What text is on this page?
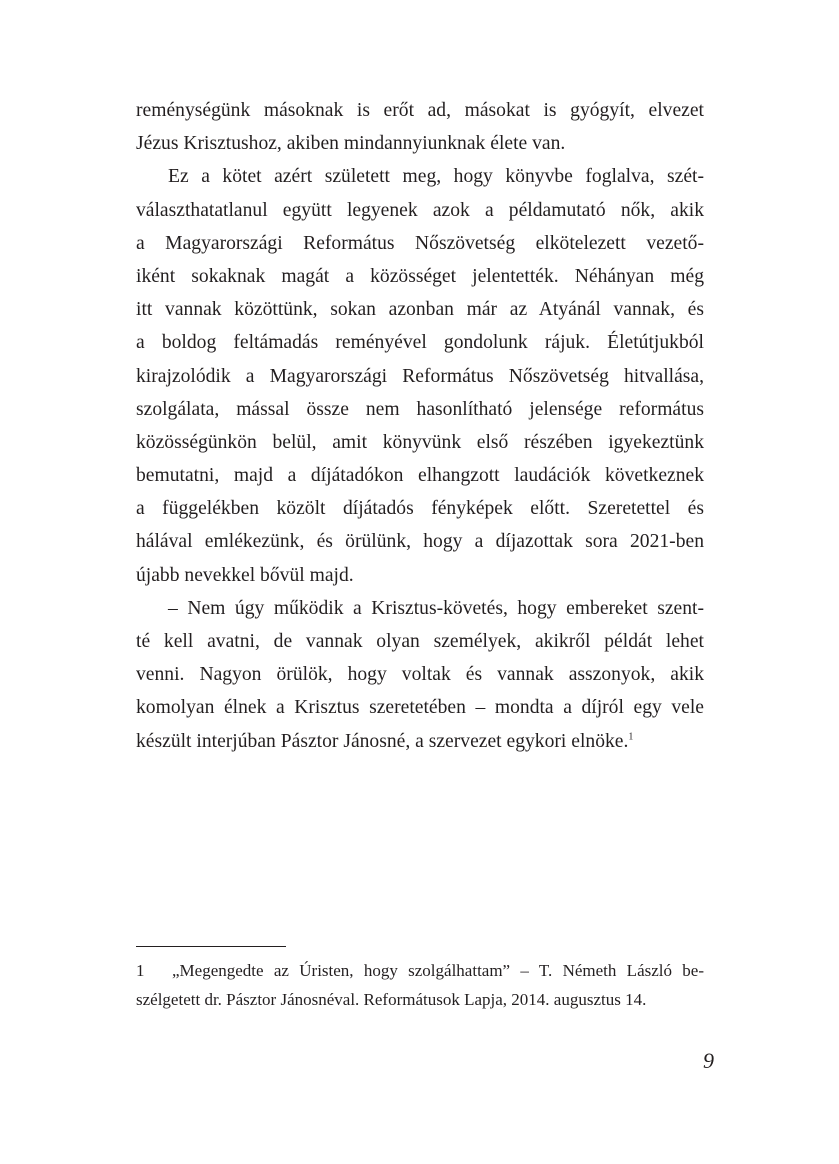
reménységünk másoknak is erőt ad, másokat is gyógyít, elvezet
Jézus Krisztushoz, akiben mindannyiunknak élete van.
Ez a kötet azért született meg, hogy könyvbe foglalva, szét-
választhatatlanul együtt legyenek azok a példamutató nők, akik
a Magyarországi Református Nőszövetség elkötelezett vezető-
iként sokaknak magát a közösséget jelentették. Néhányan még
itt vannak közöttünk, sokan azonban már az Atyánál vannak, és
a boldog feltámadás reményével gondolunk rájuk. Életútjukból
kirajzolódik a Magyarországi Református Nőszövetség hitvallása,
szolgálata, mással össze nem hasonlítható jelensége református
közösségünkön belül, amit könyvünk első részében igyekeztünk
bemutatni, majd a díjátadókon elhangzott laudációk következnek
a függelékben közölt díjátadós fényképek előtt. Szeretettel és
hálával emlékezünk, és örülünk, hogy a díjazottak sora 2021-ben
újabb nevekkel bővül majd.
– Nem úgy működik a Krisztus-követés, hogy embereket szent-
té kell avatni, de vannak olyan személyek, akikről példát lehet
venni. Nagyon örülök, hogy voltak és vannak asszonyok, akik
komolyan élnek a Krisztus szeretetében – mondta a díjról egy vele
készült interjúban Pásztor Jánosné, a szervezet egykori elnöke.$^1$
1	„Megengedte az Úristen, hogy szolgálhattam” – T. Németh László be-
szélgetett dr. Pásztor Jánosnéval. Reformátusok Lapja, 2014. augusztus 14.
9
